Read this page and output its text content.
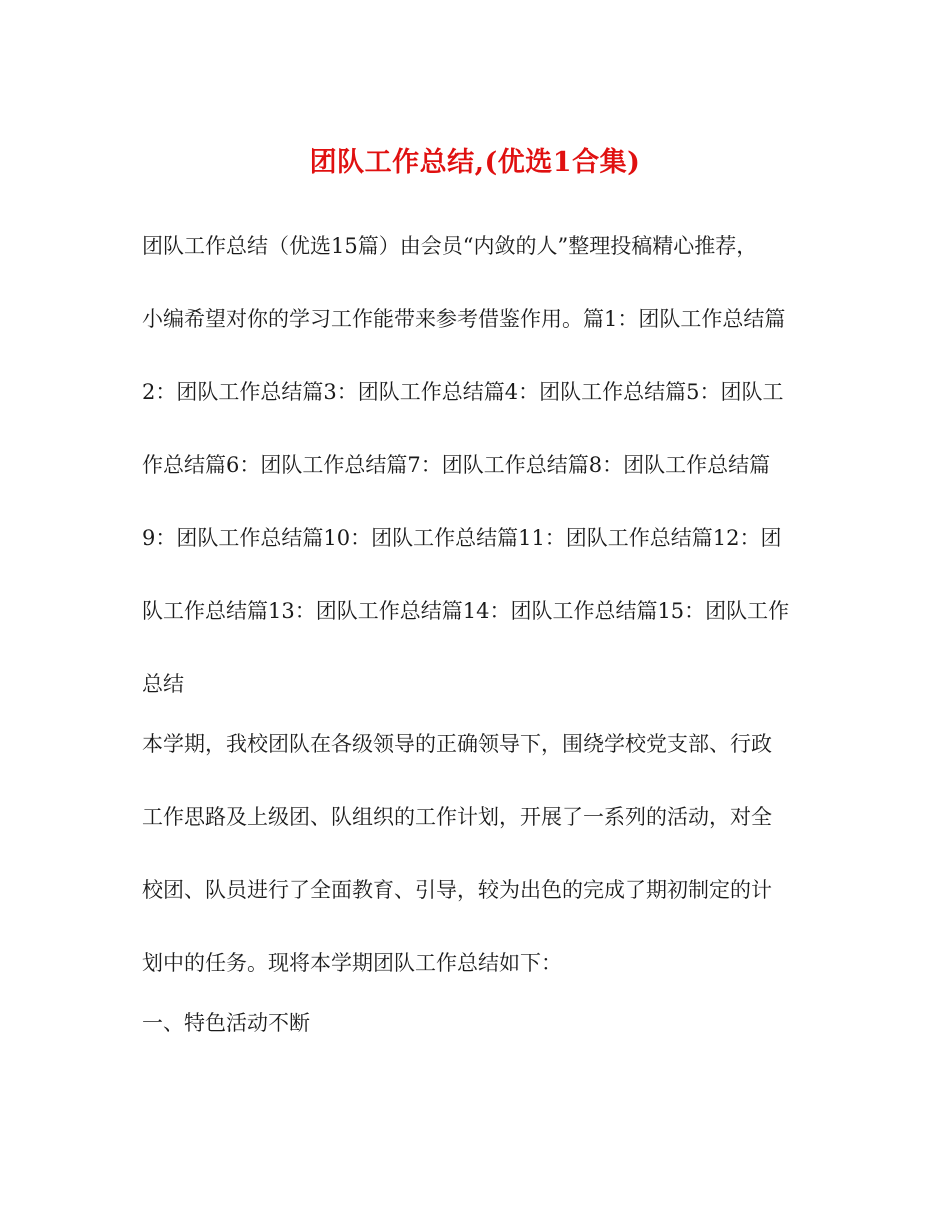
团队工作总结,(优选1合集)
团队工作总结（优选15篇）由会员“内敛的人”整理投稿精心推荐，
小编希望对你的学习工作能带来参考借鉴作用。篇1：团队工作总结篇
2：团队工作总结篇3：团队工作总结篇4：团队工作总结篇5：团队工
作总结篇6：团队工作总结篇7：团队工作总结篇8：团队工作总结篇
9：团队工作总结篇10：团队工作总结篇11：团队工作总结篇12：团
队工作总结篇13：团队工作总结篇14：团队工作总结篇15：团队工作
总结
本学期，我校团队在各级领导的正确领导下，围绕学校党支部、行政
工作思路及上级团、队组织的工作计划，开展了一系列的活动，对全
校团、队员进行了全面教育、引导，较为出色的完成了期初制定的计
划中的任务。现将本学期团队工作总结如下：
一、特色活动不断
